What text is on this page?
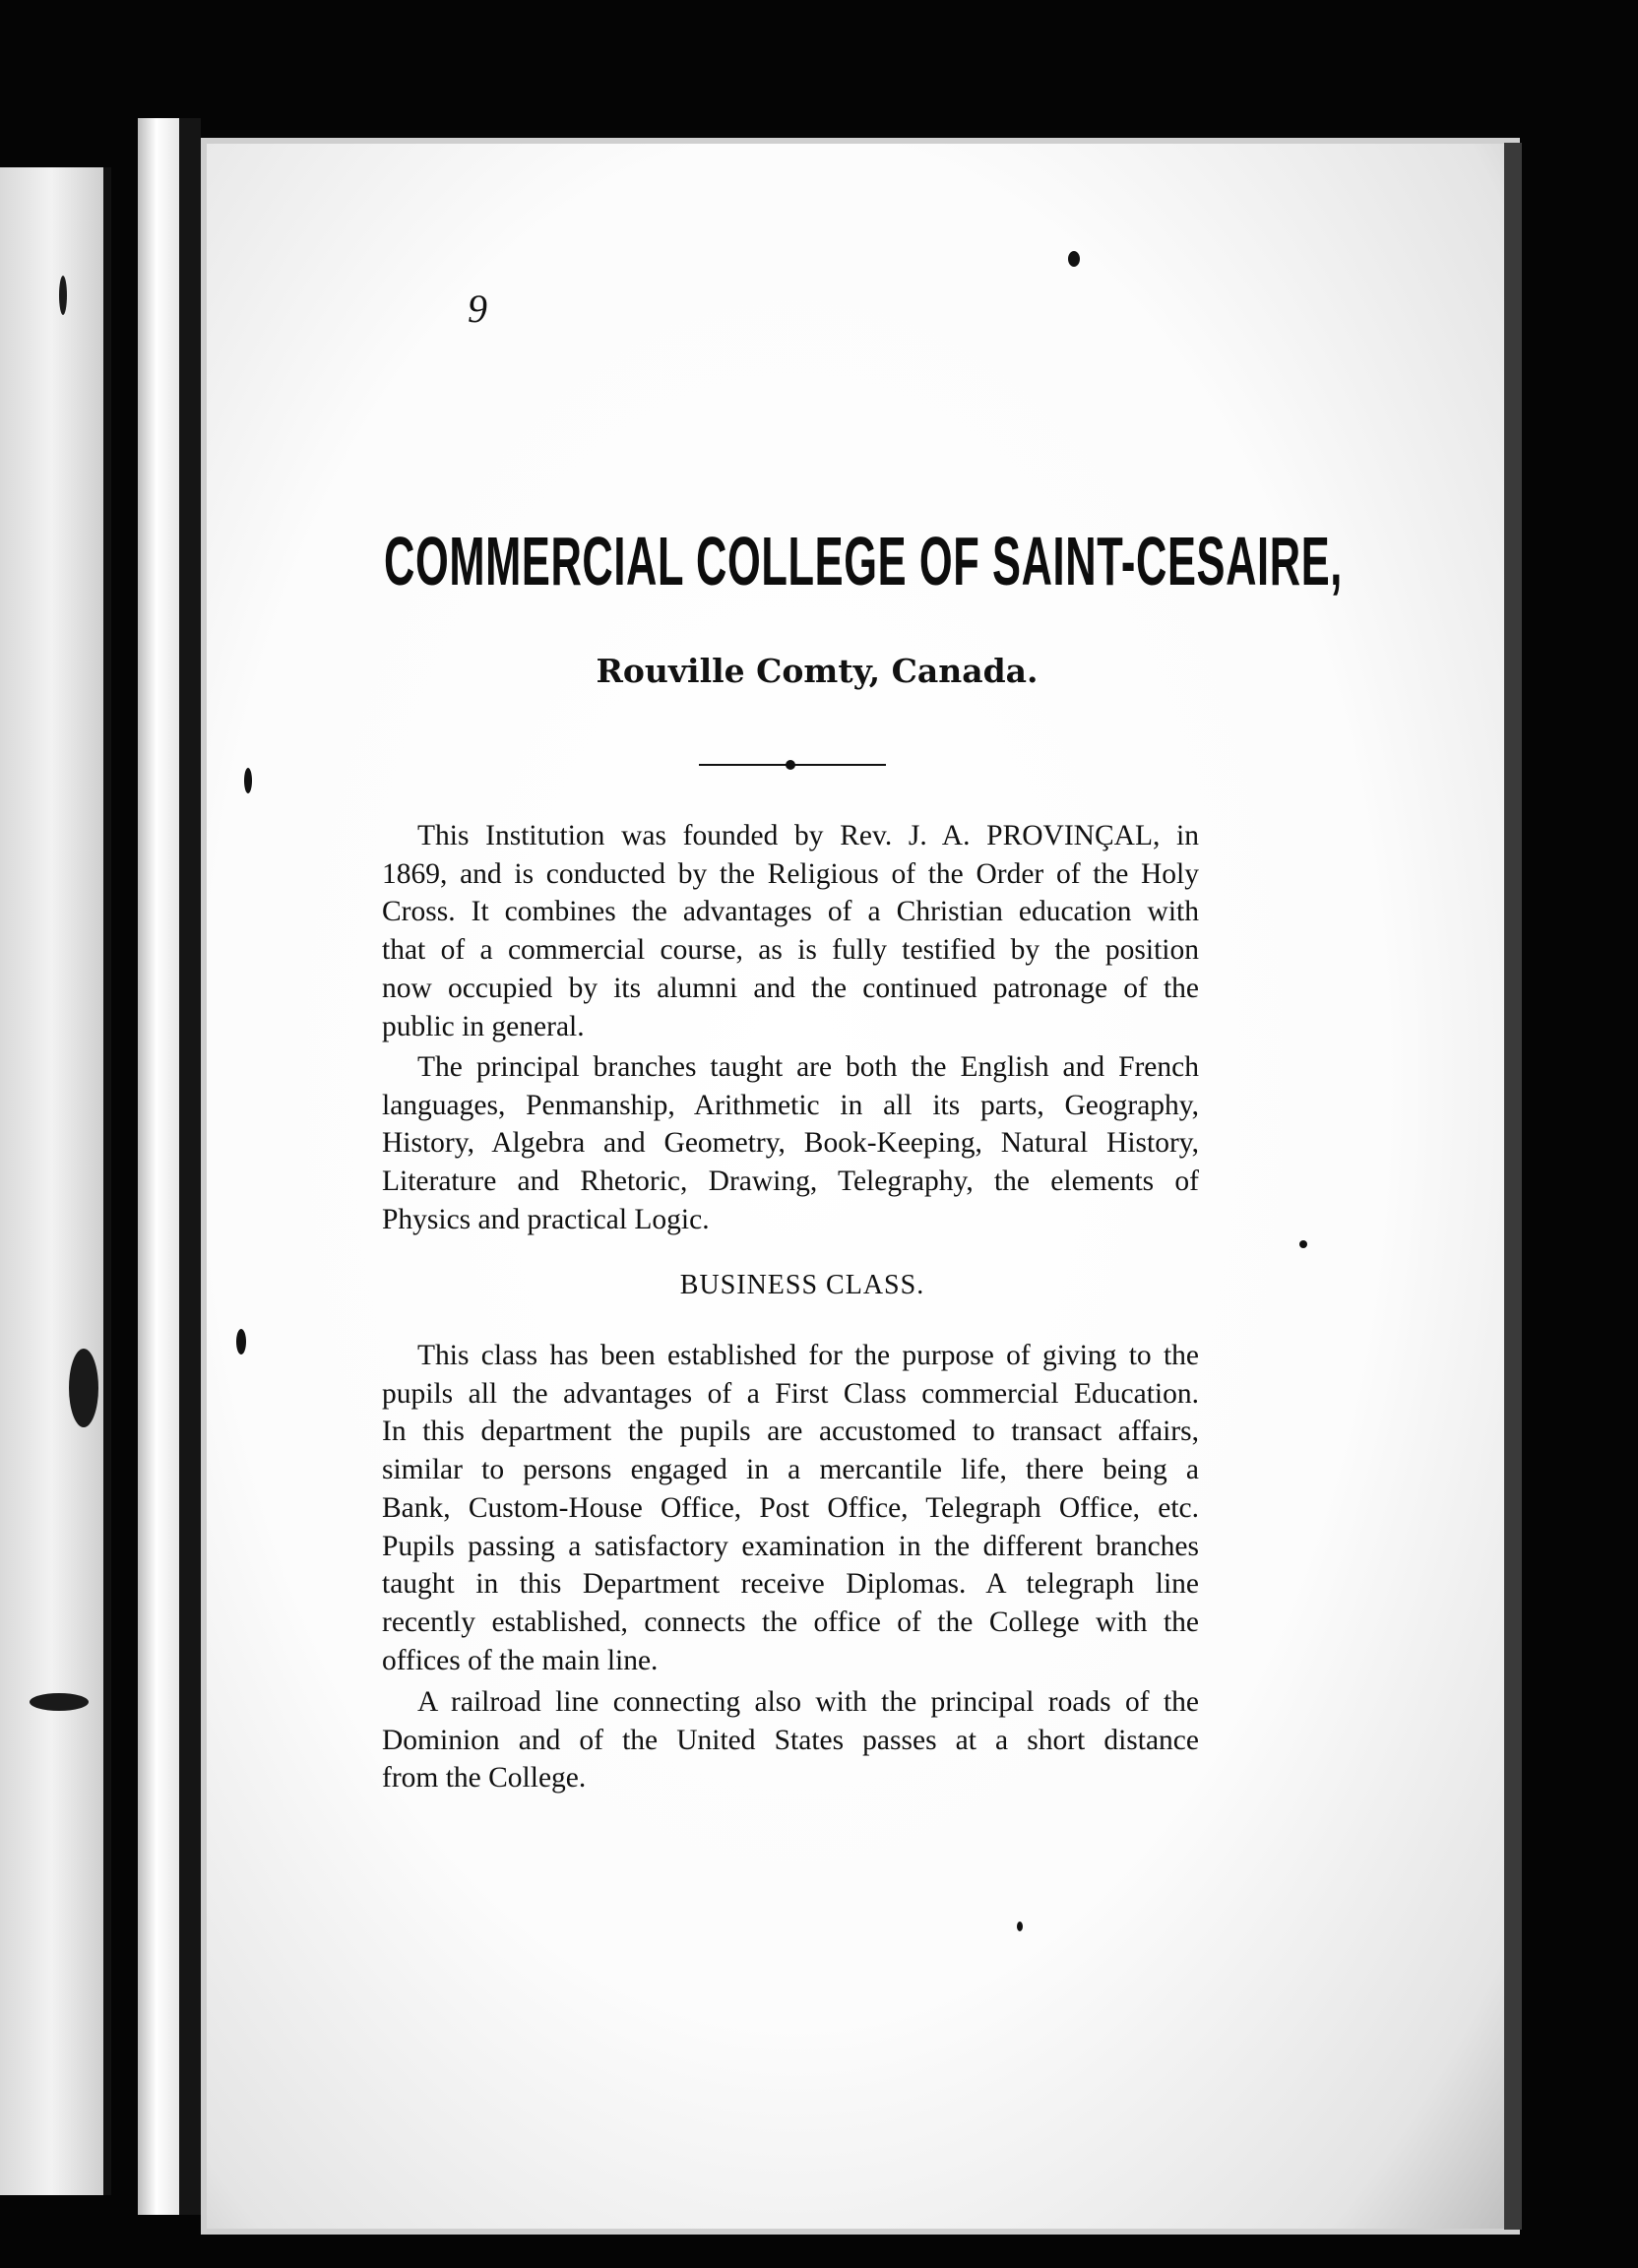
9
COMMERCIAL COLLEGE OF SAINT-CESAIRE,
Rouville Comty, Canada.
This Institution was founded by Rev. J. A. PROVINÇAL, in
1869, and is conducted by the Religious of the Order of the Holy
Cross. It combines the advantages of a Christian education with
that of a commercial course, as is fully testified by the position
now occupied by its alumni and the continued patronage of the
public in general.
The principal branches taught are both the English and French
languages, Penmanship, Arithmetic in all its parts, Geography,
History, Algebra and Geometry, Book-Keeping, Natural History,
Literature and Rhetoric, Drawing, Telegraphy, the elements of
Physics and practical Logic.
BUSINESS CLASS.
This class has been established for the purpose of giving to the
pupils all the advantages of a First Class commercial Education.
In this department the pupils are accustomed to transact affairs,
similar to persons engaged in a mercantile life, there being a
Bank, Custom-House Office, Post Office, Telegraph Office, etc.
Pupils passing a satisfactory examination in the different branches
taught in this Department receive Diplomas. A telegraph line
recently established, connects the office of the College with the
offices of the main line.
A railroad line connecting also with the principal roads of the
Dominion and of the United States passes at a short distance
from the College.
